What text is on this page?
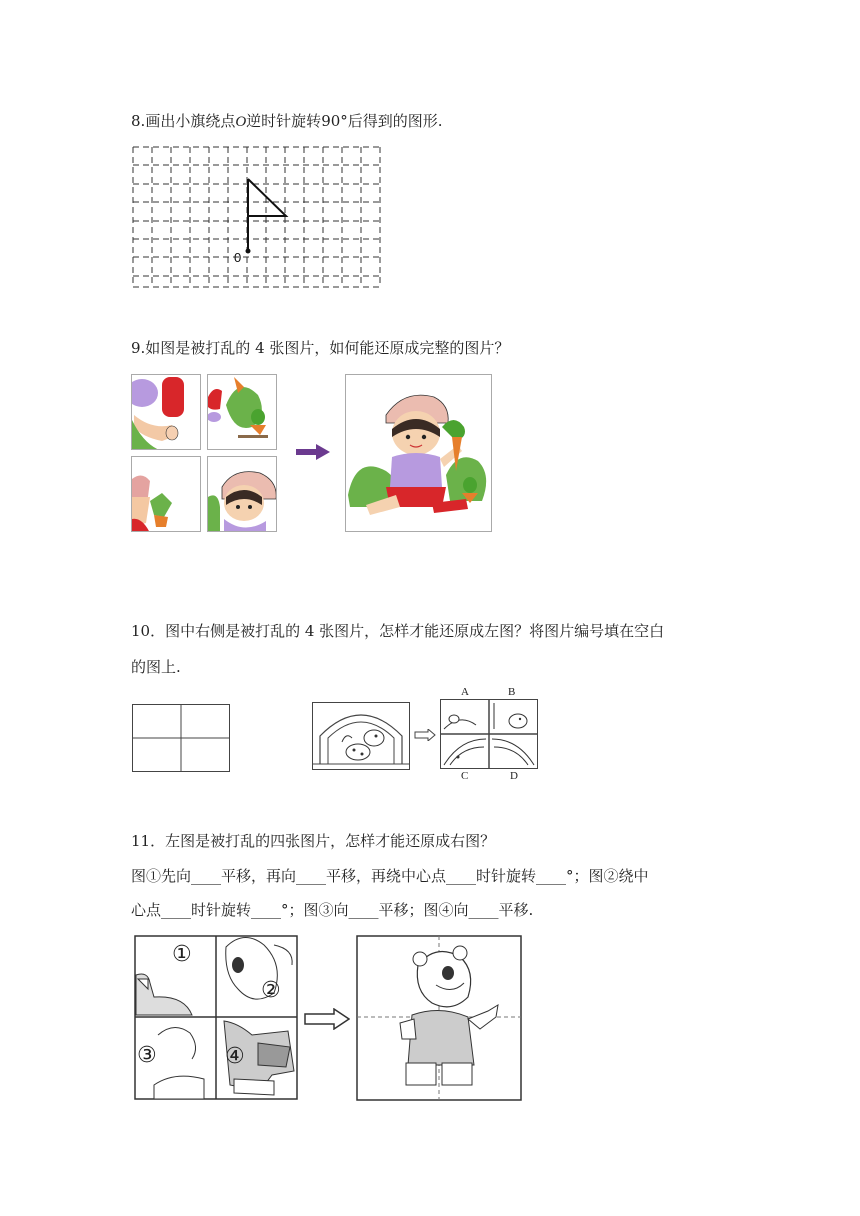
8.画出小旗绕点O逆时针旋转90°后得到的图形.
0
9.如图是被打乱的 4 张图片，如何能还原成完整的图片？
10．图中右侧是被打乱的 4 张图片，怎样才能还原成左图？将图片编号填在空白
的图上.
A	B
C	D
11．左图是被打乱的四张图片，怎样才能还原成右图？
图①先向____平移，再向____平移，再绕中心点____时针旋转____°；图②绕中
心点____时针旋转____°；图③向____平移；图④向____平移.
①
②
③	④
